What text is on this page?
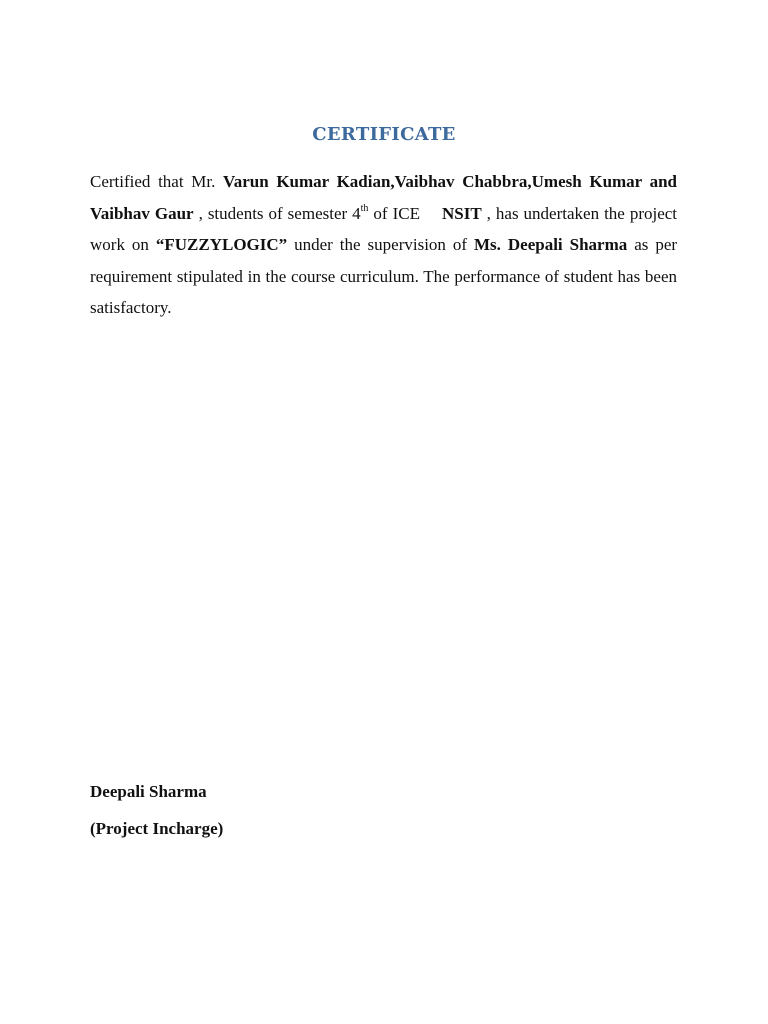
CERTIFICATE

Certified that Mr. Varun Kumar Kadian,Vaibhav Chabbra,Umesh Kumar and Vaibhav Gaur , students of semester 4th of ICE NSIT , has undertaken the project work on “FUZZYLOGIC” under the supervision of Ms. Deepali Sharma as per requirement stipulated in the course curriculum. The performance of student has been satisfactory.

Deepali Sharma
(Project Incharge)
